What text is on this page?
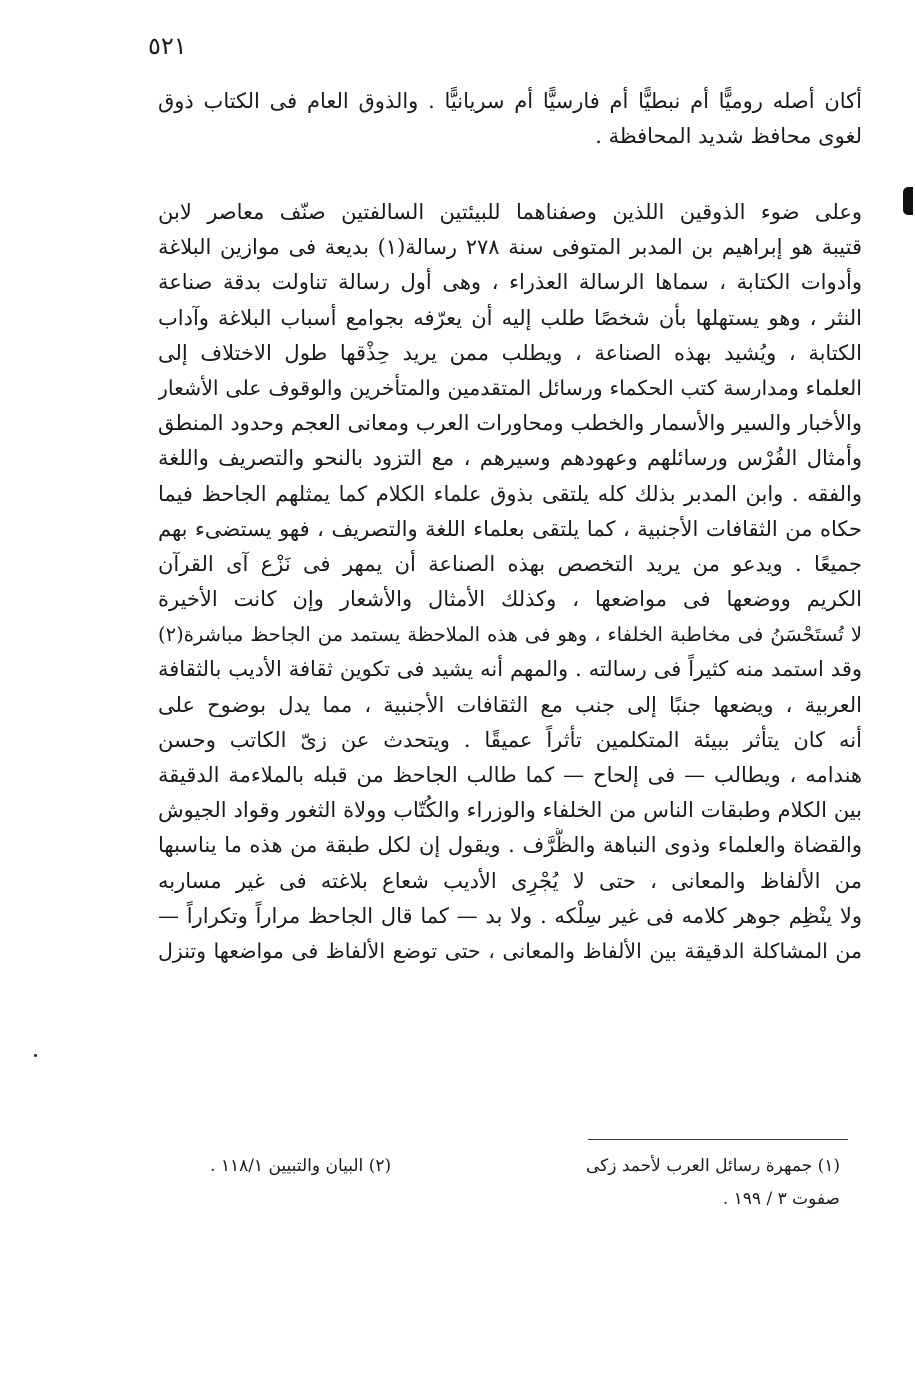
٥٢١
أكان أصله روميًّا أم نبطيًّا أم فارسيًّا أم سريانيًّا . والذوق العام فى الكتاب ذوق
لغوى محافظ شديد المحافظة .
وعلى ضوء الذوقين اللذين وصفناهما للبيئتين السالفتين صنّف معاصر لابن
قتيبة هو إبراهيم بن المدبر المتوفى سنة ٢٧٨ رسالة(١) بديعة فى موازين البلاغة
وأدوات الكتابة ، سماها الرسالة العذراء ، وهى أول رسالة تناولت بدقة صناعة
النثر ، وهو يستهلها بأن شخصًا طلب إليه أن يعرّفه بجوامع أسباب البلاغة وآداب
الكتابة ، ويُشيد بهذه الصناعة ، ويطلب ممن يريد حِذْقها طول الاختلاف إلى
العلماء ومدارسة كتب الحكماء ورسائل المتقدمين والمتأخرين والوقوف على الأشعار
والأخبار والسير والأسمار والخطب ومحاورات العرب ومعانى العجم وحدود المنطق
وأمثال الفُرْس ورسائلهم وعهودهم وسيرهم ، مع التزود بالنحو والتصريف واللغة
والفقه . وابن المدبر بذلك كله يلتقى بذوق علماء الكلام كما يمثلهم الجاحظ فيما
حكاه من الثقافات الأجنبية ، كما يلتقى بعلماء اللغة والتصريف ، فهو يستضىء بهم
جميعًا . ويدعو من يريد التخصص بهذه الصناعة أن يمهر فى نَزْع آى القرآن
الكريم ووضعها فى مواضعها ، وكذلك الأمثال والأشعار وإن كانت الأخيرة
لا تُستَحْسَنُ فى مخاطبة الخلفاء ، وهو فى هذه الملاحظة يستمد من الجاحظ مباشرة(٢)
وقد استمد منه كثيراً فى رسالته . والمهم أنه يشيد فى تكوين ثقافة الأديب بالثقافة
العربية ، ويضعها جنبًا إلى جنب مع الثقافات الأجنبية ، مما يدل بوضوح على
أنه كان يتأثر ببيئة المتكلمين تأثراً عميقًا . ويتحدث عن زىّ الكاتب وحسن
هندامه ، ويطالب — فى إلحاح — كما طالب الجاحظ من قبله بالملاءمة الدقيقة
بين الكلام وطبقات الناس من الخلفاء والوزراء والكُتّاب وولاة الثغور وقواد الجيوش
والقضاة والعلماء وذوى النباهة والظُّرَّف . ويقول إن لكل طبقة من هذه ما يناسبها
من الألفاظ والمعانى ، حتى لا يُجْرِى الأديب شعاع بلاغته فى غير مساربه
ولا ينْظِم جوهر كلامه فى غير سِلْكه . ولا بد — كما قال الجاحظ مراراً وتكراراً —
من المشاكلة الدقيقة بين الألفاظ والمعانى ، حتى توضع الألفاظ فى مواضعها وتنزل
(١) جمهرة رسائل العرب لأحمد زكى
(٢) البيان والتبيين ١١٨/١ .
صفوت ٣ / ١٩٩ .
